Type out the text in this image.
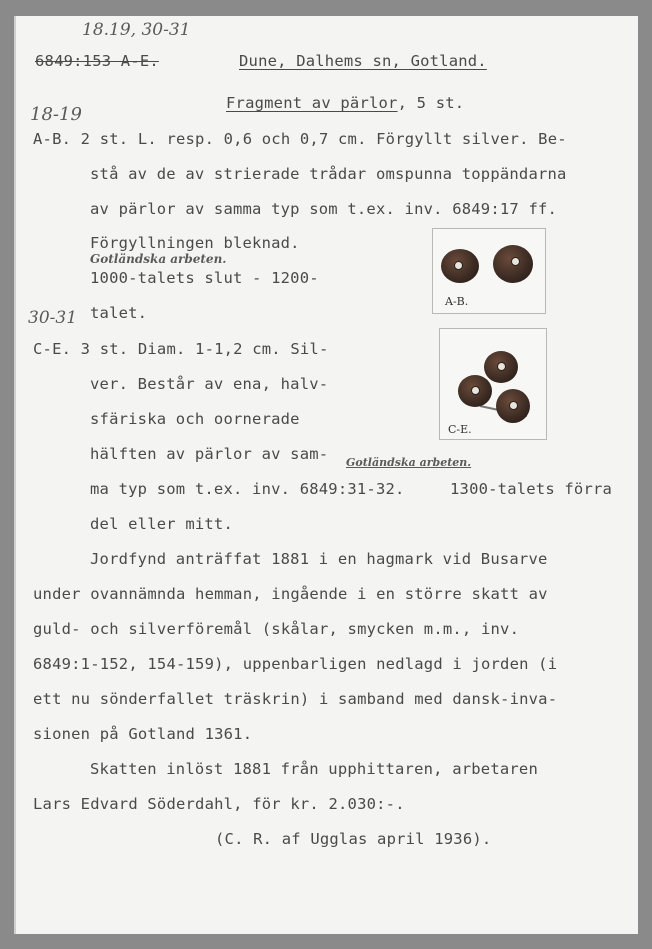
18.19, 30-31
6849:153 A-E.	Dune, Dalhems sn, Gotland.
Fragment av pärlor, 5 st.
18-19
A-B. 2 st. L. resp. 0,6 och 0,7 cm. Förgyllt silver. Be-
stå av de av strierade trådar omspunna toppändarna
av pärlor av samma typ som t.ex. inv. 6849:17 ff.
Förgyllningen bleknad.
Gotländska arbeten.
1000-talets slut - 1200-
30-31 talet.
C-E. 3 st. Diam. 1-1,2 cm. Sil-
ver. Består av ena, halv-
sfäriska och oornerade
hälften av pärlor av sam- Gotländska arbeten.
ma typ som t.ex. inv. 6849:31-32.	1300-talets förra
del eller mitt.
Jordfynd anträffat 1881 i en hagmark vid Busarve
under ovannämnda hemman, ingående i en större skatt av
guld- och silverföremål (skålar, smycken m.m., inv.
6849:1-152, 154-159), uppenbarligen nedlagd i jorden (i
ett nu sönderfallet träskrin) i samband med dansk-inva-
sionen på Gotland 1361.
Skatten inlöst 1881 från upphittaren, arbetaren
Lars Edvard Söderdahl, för kr. 2.030:-.
(C. R. af Ugglas april 1936).
A-B.
C-E.
